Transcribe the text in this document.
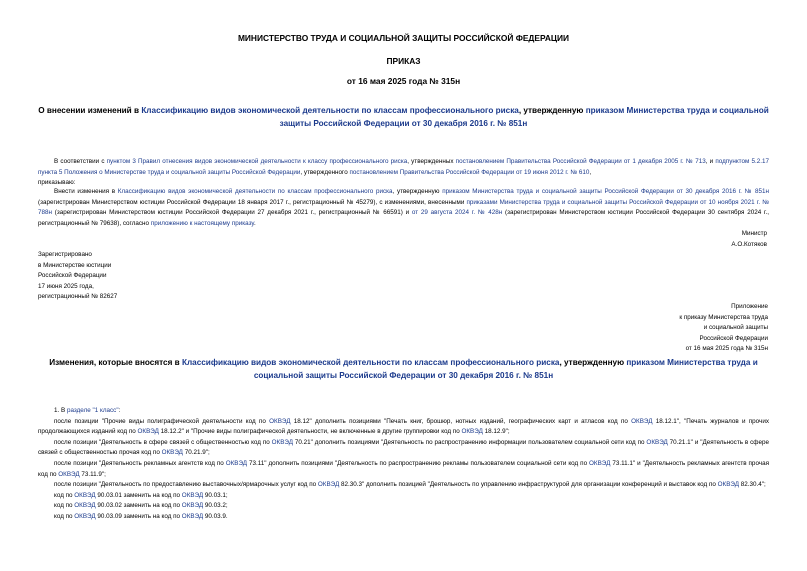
МИНИСТЕРСТВО ТРУДА И СОЦИАЛЬНОЙ ЗАЩИТЫ РОССИЙСКОЙ ФЕДЕРАЦИИ
ПРИКАЗ
от 16 мая 2025 года № 315н
О внесении изменений в Классификацию видов экономической деятельности по классам профессионального риска, утвержденную приказом Министерства труда и социальной защиты Российской Федерации от 30 декабря 2016 г. № 851н

В соответствии с пунктом 3 Правил отнесения видов экономической деятельности к классу профессионального риска, утвержденных постановлением Правительства Российской Федерации от 1 декабря 2005 г. № 713, и подпунктом 5.2.17 пункта 5 Положения о Министерстве труда и социальной защиты Российской Федерации, утвержденного постановлением Правительства Российской Федерации от 19 июня 2012 г. № 610,

приказываю:

Внести изменения в Классификацию видов экономической деятельности по классам профессионального риска, утвержденную приказом Министерства труда и социальной защиты Российской Федерации от 30 декабря 2016 г. № 851н (зарегистрирован Министерством юстиции Российской Федерации 18 января 2017 г., регистрационный № 45279), с изменениями, внесенными приказами Министерства труда и социальной защиты Российской Федерации от 10 ноября 2021 г. № 788н (зарегистрирован Министерством юстиции Российской Федерации 27 декабря 2021 г., регистрационный № 66591) и от 29 августа 2024 г. № 428н (зарегистрирован Министерством юстиции Российской Федерации 30 сентября 2024 г., регистрационный № 79638), согласно приложению к настоящему приказу.

Министр
А.О.Котяков
Зарегистрировано
в Министерстве юстиции
Российской Федерации
17 июня 2025 года,
регистрационный № 82627
Приложение
к приказу Министерства труда
и социальной защиты
Российской Федерации
от 16 мая 2025 года № 315н
Изменения, которые вносятся в Классификацию видов экономической деятельности по классам профессионального риска, утвержденную приказом Министерства труда и социальной защиты Российской Федерации от 30 декабря 2016 г. № 851н

1. В разделе "1 класс":

после позиции "Прочие виды полиграфической деятельности код по ОКВЭД 18.12" дополнить позициями "Печать книг, брошюр, нотных изданий, географических карт и атласов код по ОКВЭД 18.12.1", "Печать журналов и прочих продолжающихся изданий код по ОКВЭД 18.12.2" и "Прочие виды полиграфической деятельности, не включенные в другие группировки код по ОКВЭД 18.12.9";

после позиции "Деятельность в сфере связей с общественностью код по ОКВЭД 70.21" дополнить позициями "Деятельность по распространению информации пользователем социальной сети код по ОКВЭД 70.21.1" и "Деятельность в сфере связей с общественностью прочая код по ОКВЭД 70.21.9";

после позиции "Деятельность рекламных агентств код по ОКВЭД 73.11" дополнить позициями "Деятельность по распространению рекламы пользователем социальной сети код по ОКВЭД 73.11.1" и "Деятельность рекламных агентств прочая код по ОКВЭД 73.11.9";

после позиции "Деятельность по предоставлению выставочных/ярмарочных услуг код по ОКВЭД 82.30.3" дополнить позицией "Деятельность по управлению инфраструктурой для организации конференций и выставок код по ОКВЭД 82.30.4";

код по ОКВЭД 90.03.01 заменить на код по ОКВЭД 90.03.1;

код по ОКВЭД 90.03.02 заменить на код по ОКВЭД 90.03.2;

код по ОКВЭД 90.03.09 заменить на код по ОКВЭД 90.03.9.
